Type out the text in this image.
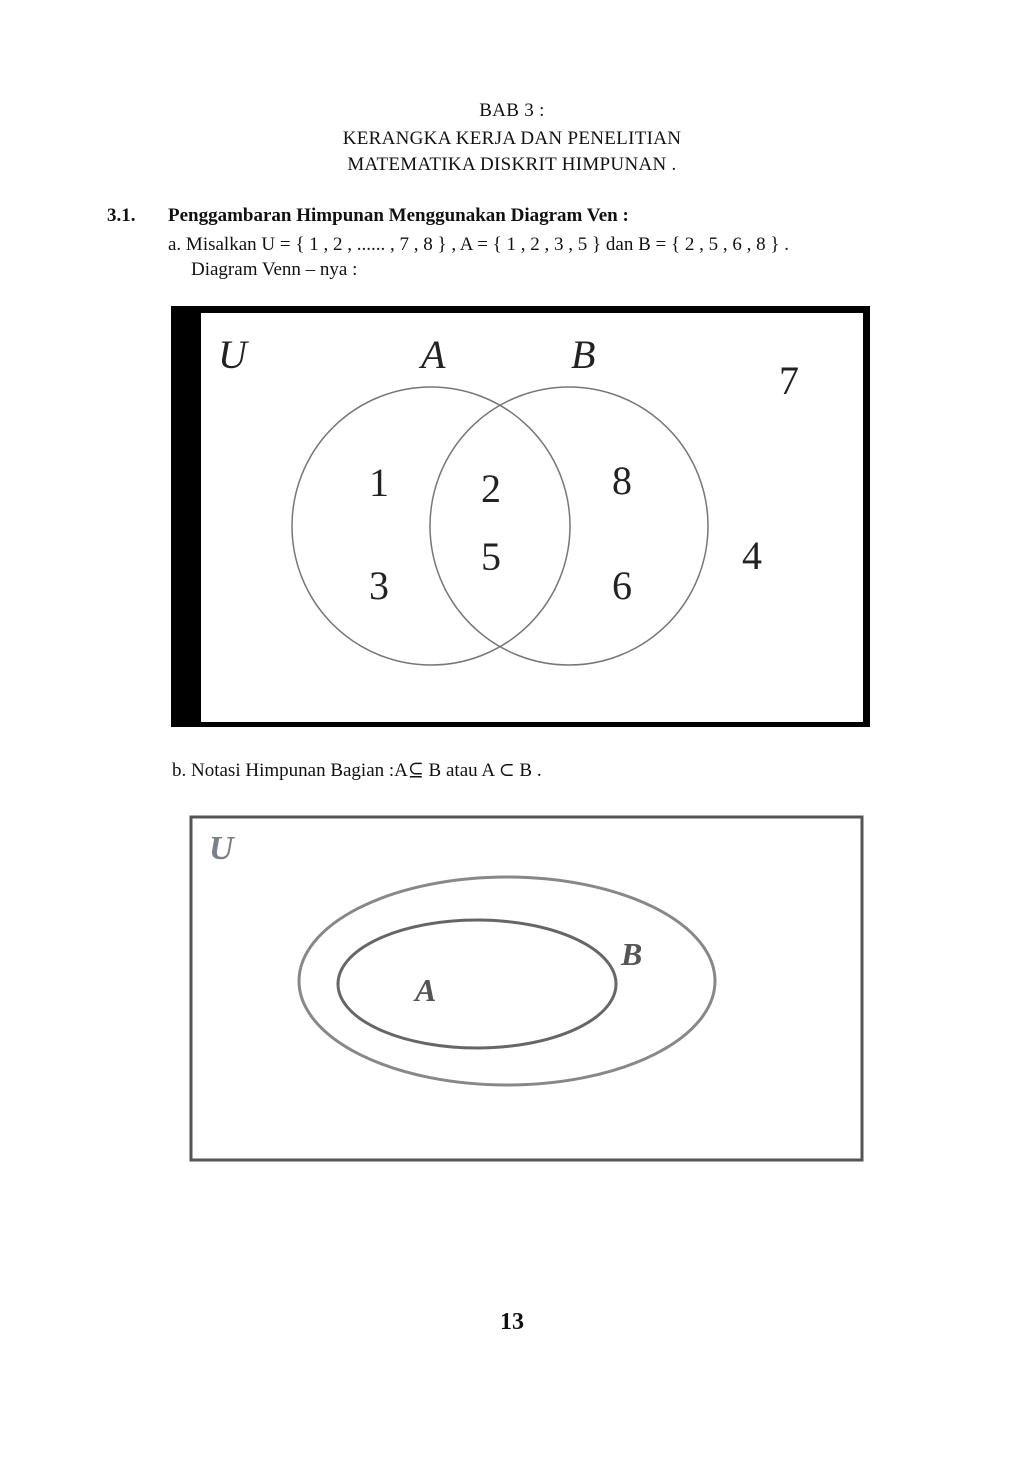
BAB 3 :
KERANGKA KERJA DAN PENELITIAN
MATEMATIKA DISKRIT HIMPUNAN .
3.1. Penggambaran Himpunan Menggunakan Diagram Ven :
a. Misalkan U = { 1 , 2 , ...... , 7 , 8 } , A = { 1 , 2 , 3 , 5 } dan B = { 2 , 5 , 6 , 8 } .
Diagram Venn – nya :
U	A	B
1
3
2
5
8
6
7
4
b. Notasi Himpunan Bagian :A⊆ B atau A ⊂ B .
U
B
A
13
